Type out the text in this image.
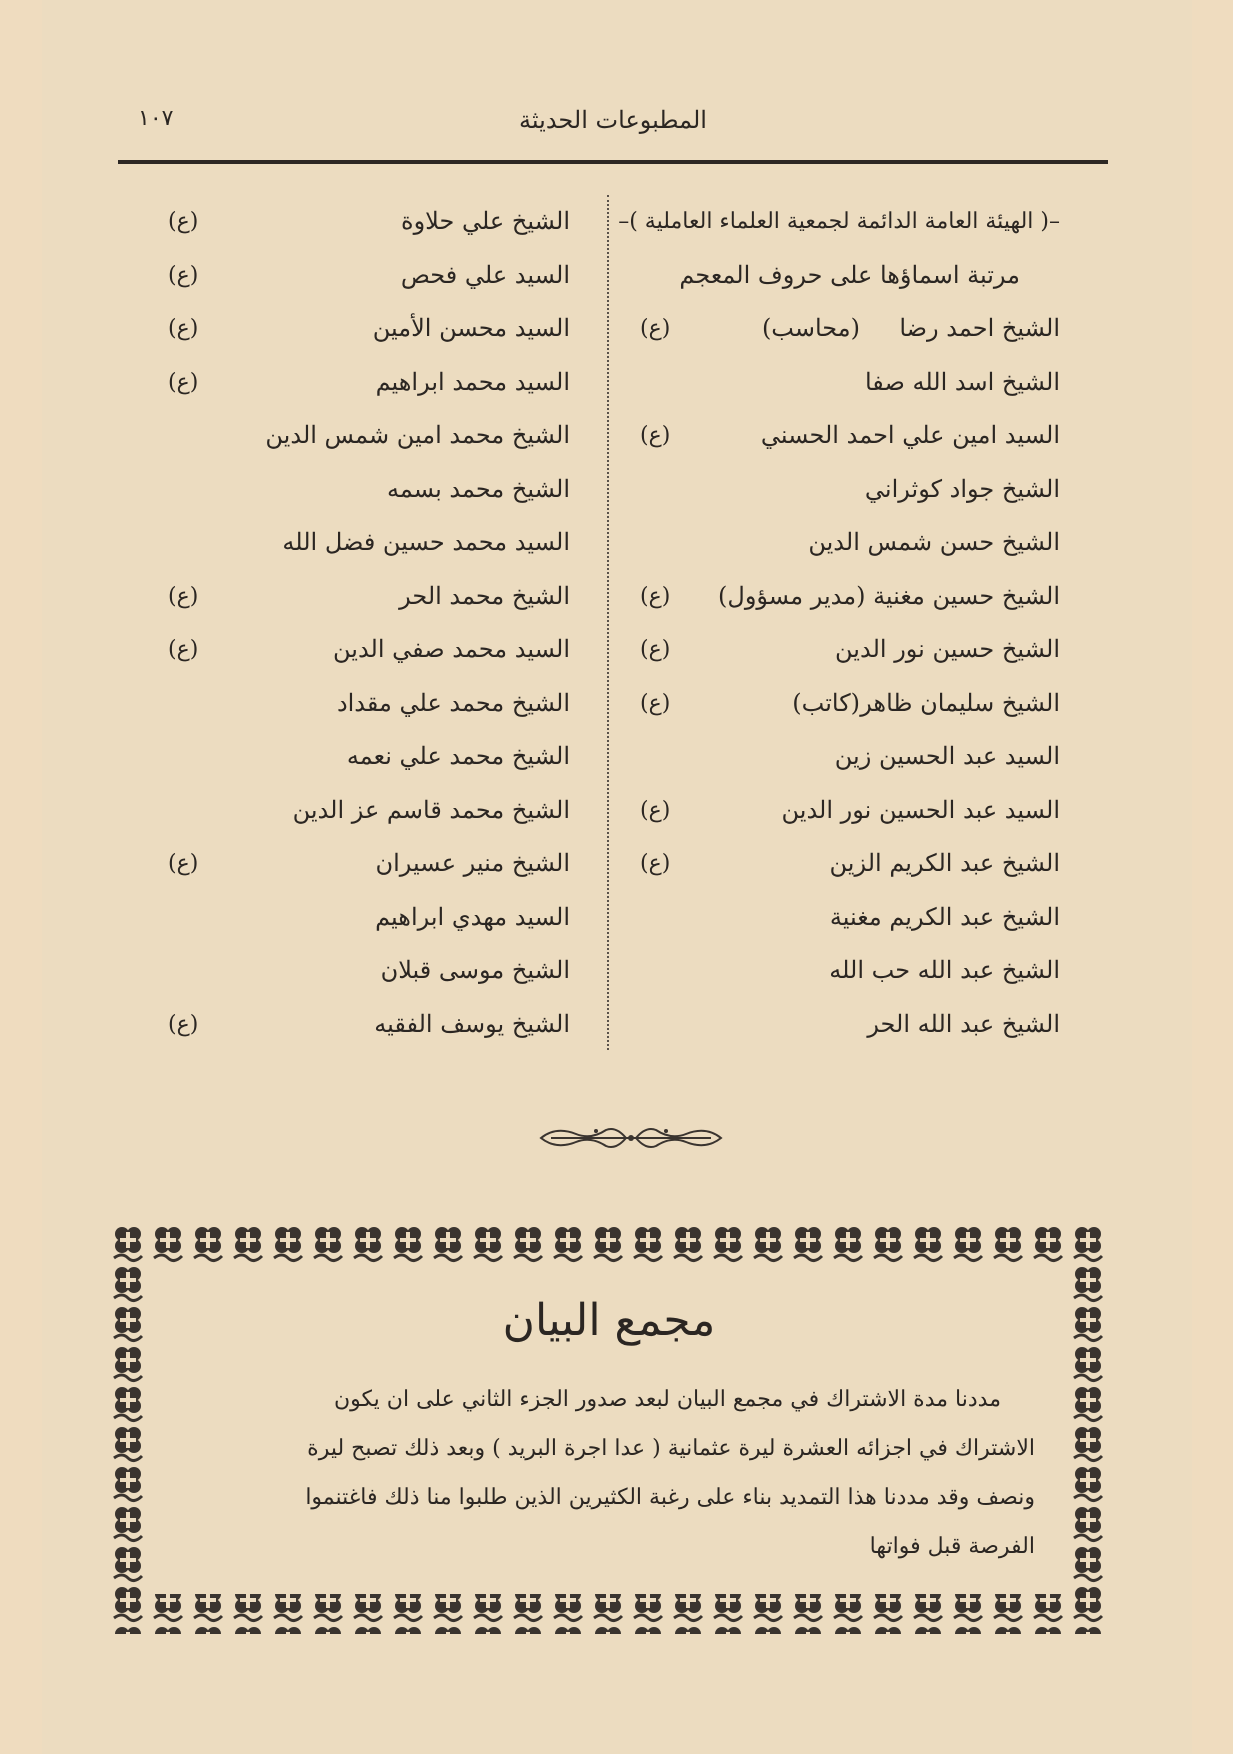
المطبوعات الحديثة
١٠٧
–( الهيئة العامة الدائمة لجمعية العلماء العاملية )–
مرتبة اسماؤها على حروف المعجم
الشيخ احمد رضا
(محاسب)
(ع)
الشيخ اسد الله صفا
السيد امين علي احمد الحسني
(ع)
الشيخ جواد كوثراني
الشيخ حسن شمس الدين
الشيخ حسين مغنية (مدير مسؤول)
(ع)
الشيخ حسين نور الدين
(ع)
الشيخ سليمان ظاهر
(كاتب)
(ع)
السيد عبد الحسين زين
السيد عبد الحسين نور الدين
(ع)
الشيخ عبد الكريم الزين
(ع)
الشيخ عبد الكريم مغنية
الشيخ عبد الله حب الله
الشيخ عبد الله الحر
الشيخ علي حلاوة
(ع)
السيد علي فحص
(ع)
السيد محسن الأمين
(ع)
السيد محمد ابراهيم
(ع)
الشيخ محمد امين شمس الدين
الشيخ محمد بسمه
السيد محمد حسين فضل الله
الشيخ محمد الحر
(ع)
السيد محمد صفي الدين
(ع)
الشيخ محمد علي مقداد
الشيخ محمد علي نعمه
الشيخ محمد قاسم عز الدين
الشيخ منير عسيران
(ع)
السيد مهدي ابراهيم
الشيخ موسى قبلان
الشيخ يوسف الفقيه
(ع)
مجمع البيان

مددنا مدة الاشتراك في مجمع البيان لبعد صدور الجزء الثاني على ان يكون

الاشتراك في اجزائه العشرة ليرة عثمانية ( عدا اجرة البريد ) وبعد ذلك تصبح ليرة

ونصف وقد مددنا هذا التمديد بناء على رغبة الكثيرين الذين طلبوا منا ذلك فاغتنموا

الفرصة قبل فواتها
